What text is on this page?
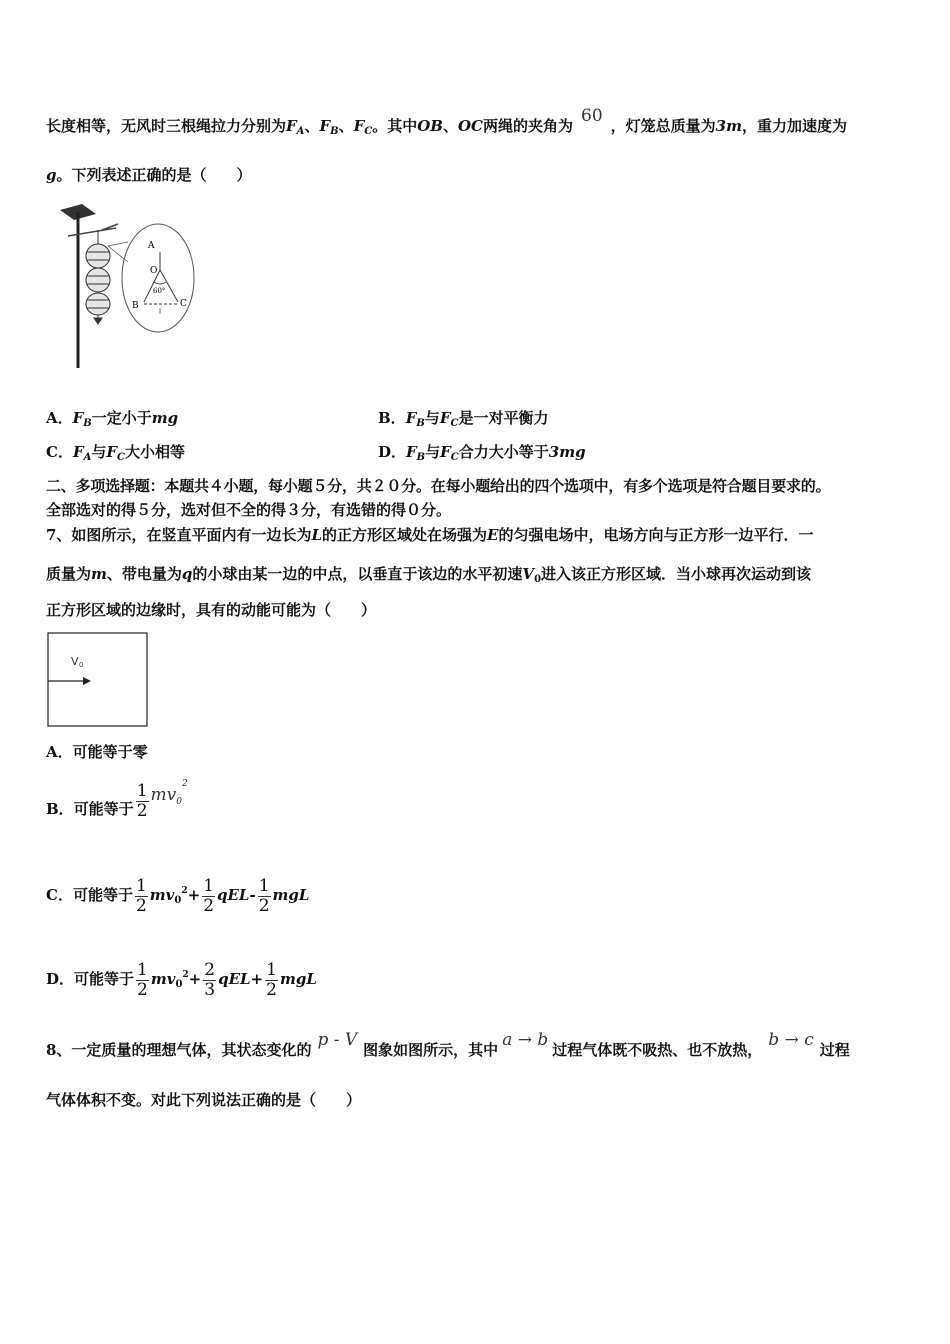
长度相等，无风时三根绳拉力分别为$F_A$、$F_B$、$F_C$。其中OB、OC两绳的夹角为 60 ，灯笼总质量为3m，重力加速度为
g。下列表述正确的是（　　）
A
O
B	C
60°
A．$F_B$一定小于mg	B．$F_B$与$F_C$是一对平衡力
C．$F_A$与$F_C$大小相等	D．$F_B$与$F_C$合力大小等于3mg
二、多项选择题：本题共４小题，每小题５分，共２０分。在每小题给出的四个选项中，有多个选项是符合题目要求的。
全部选对的得５分，选对但不全的得３分，有选错的得０分。
7、如图所示，在竖直平面内有一边长为L的正方形区域处在场强为E的匀强电场中，电场方向与正方形一边平行．一
质量为m、带电量为q的小球由某一边的中点，以垂直于该边的水平初速$V_0$进入该正方形区域．当小球再次运动到该
正方形区域的边缘时，具有的动能可能为（　　）
V 0
A．可能等于零
B．可能等于 $\frac{1}{2} mv^{02}$
C．可能等于 $\frac{1}{2} mv_0^2+ \frac{1}{2} qEL- \frac{1}{2}$ mgL
D．可能等于 $\frac{1}{2} mv_0^2+ \frac{2}{3} qEL+ \frac{1}{2}$ mgL
8、一定质量的理想气体，其状态变化的 p - V 图象如图所示，其中 a → b 过程气体既不吸热、也不放热， b → c 过程
气体体积不变。对此下列说法正确的是（　　）
